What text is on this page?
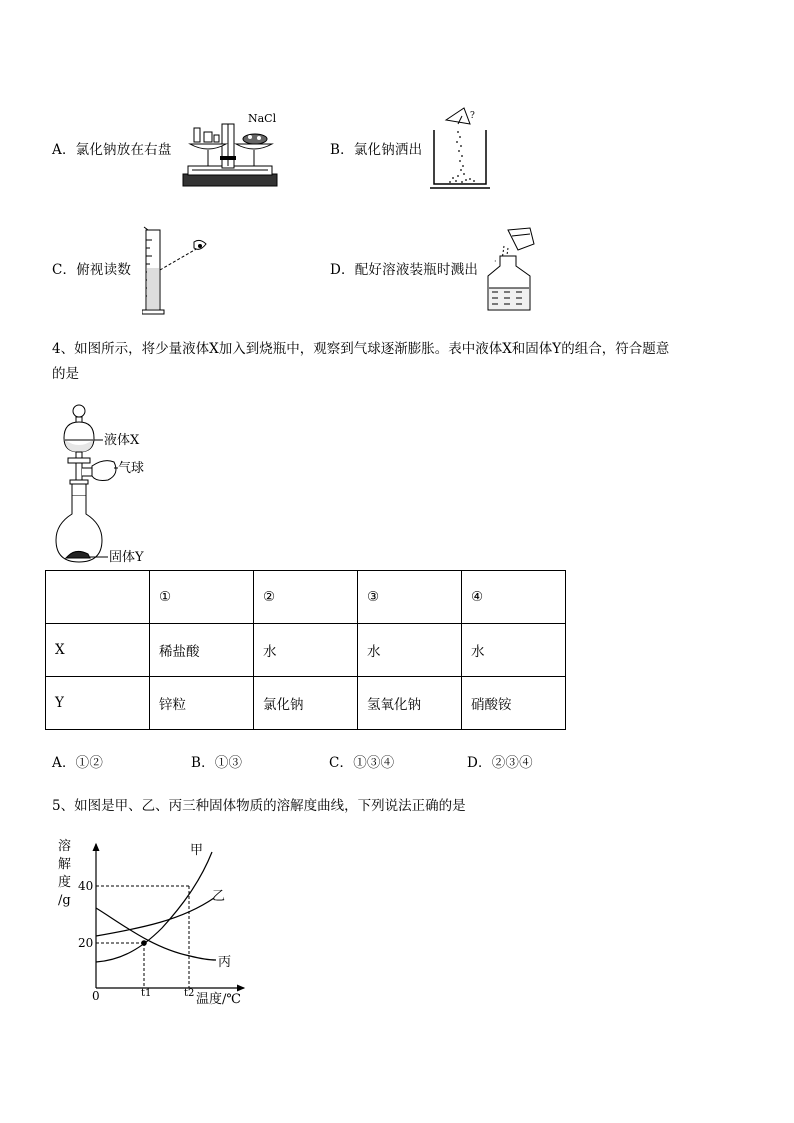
A．氯化钠放在右盘
NaCl
B．氯化钠洒出
?
C．俯视读数	D．配好溶液装瓶时溅出
·
4、如图所示，将少量液体X加入到烧瓶中，观察到气球逐渐膨胀。表中液体X和固体Y的组合，符合题意
的是
液体X
气球
固体Y
	①	②	③	④
X	稀盐酸	水	水	水
Y	锌粒	氯化钠	氢氧化钠	硝酸铵
A．①②	B．①③	C．①③④	D．②③④
5、如图是甲、乙、丙三种固体物质的溶解度曲线，下列说法正确的是
溶
解
度
/g
40
20
0	t1	t2 温度/℃
甲
乙
丙
